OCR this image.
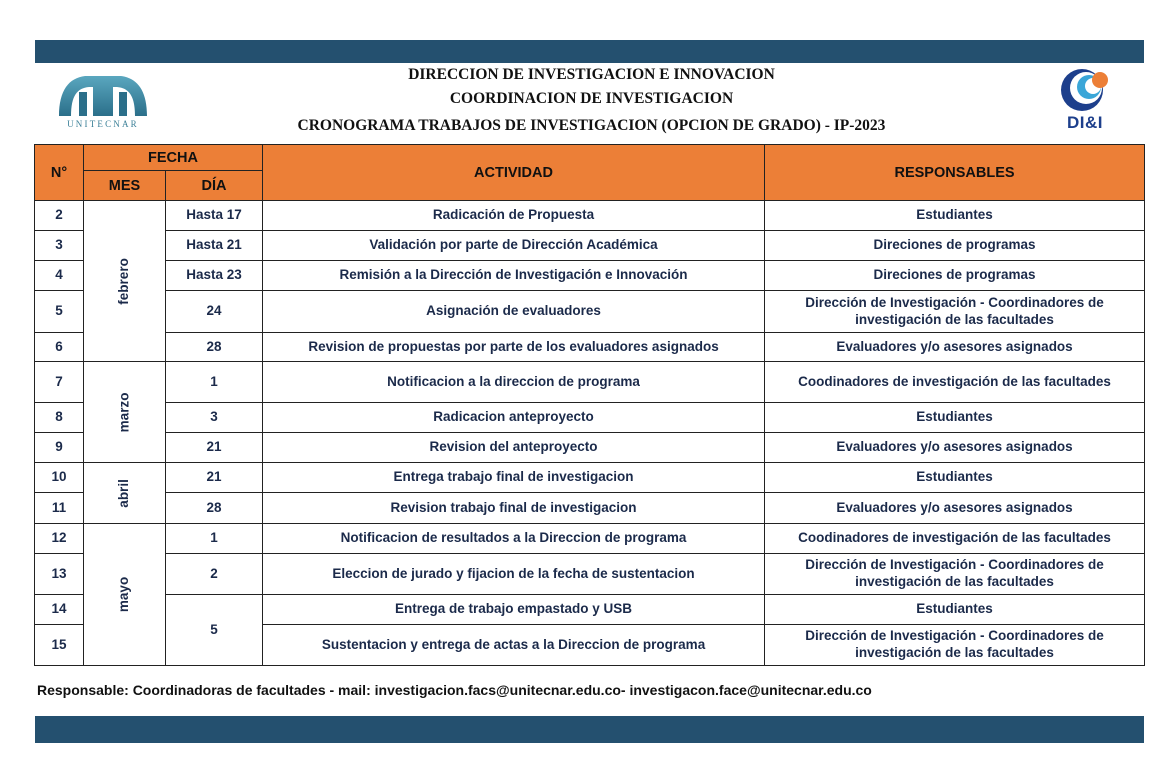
UNITECNAR
DIRECCION DE INVESTIGACION E INNOVACION
COORDINACION DE INVESTIGACION
CRONOGRAMA TRABAJOS DE INVESTIGACION (OPCION DE GRADO) - IP-2023	DI&I
N°	FECHA		ACTIVIDAD	RESPONSABLES
	MES	DÍA		
2	febrero	Hasta 17	Radicación de Propuesta	Estudiantes
3		Hasta 21	Validación por parte de Dirección Académica	Direciones de programas
4		Hasta 23	Remisión a la Dirección de Investigación e Innovación	Direciones de programas
5		24	Asignación de evaluadores	Dirección de Investigación - Coordinadores de investigación de las facultades
6		28	Revision de propuestas por parte de los evaluadores asignados	Evaluadores y/o asesores asignados
7	marzo	1	Notificacion a la direccion de programa	Coodinadores de investigación de las facultades
8		3	Radicacion anteproyecto	Estudiantes
9		21	Revision del anteproyecto	Evaluadores y/o asesores asignados
10	abril	21	Entrega trabajo final de investigacion	Estudiantes
11		28	Revision trabajo final de investigacion	Evaluadores y/o asesores asignados
12	mayo	1	Notificacion de resultados a la Direccion de programa	Coodinadores de investigación de las facultades
13		2	Eleccion de jurado y fijacion de la fecha de sustentacion	Dirección de Investigación - Coordinadores de investigación de las facultades
14		5	Entrega de trabajo empastado y USB	Estudiantes
15			Sustentacion y entrega de actas a la Direccion de programa	Dirección de Investigación - Coordinadores de investigación de las facultades
Responsable: Coordinadoras de facultades - mail: investigacion.facs@unitecnar.edu.co- investigacon.face@unitecnar.edu.co
